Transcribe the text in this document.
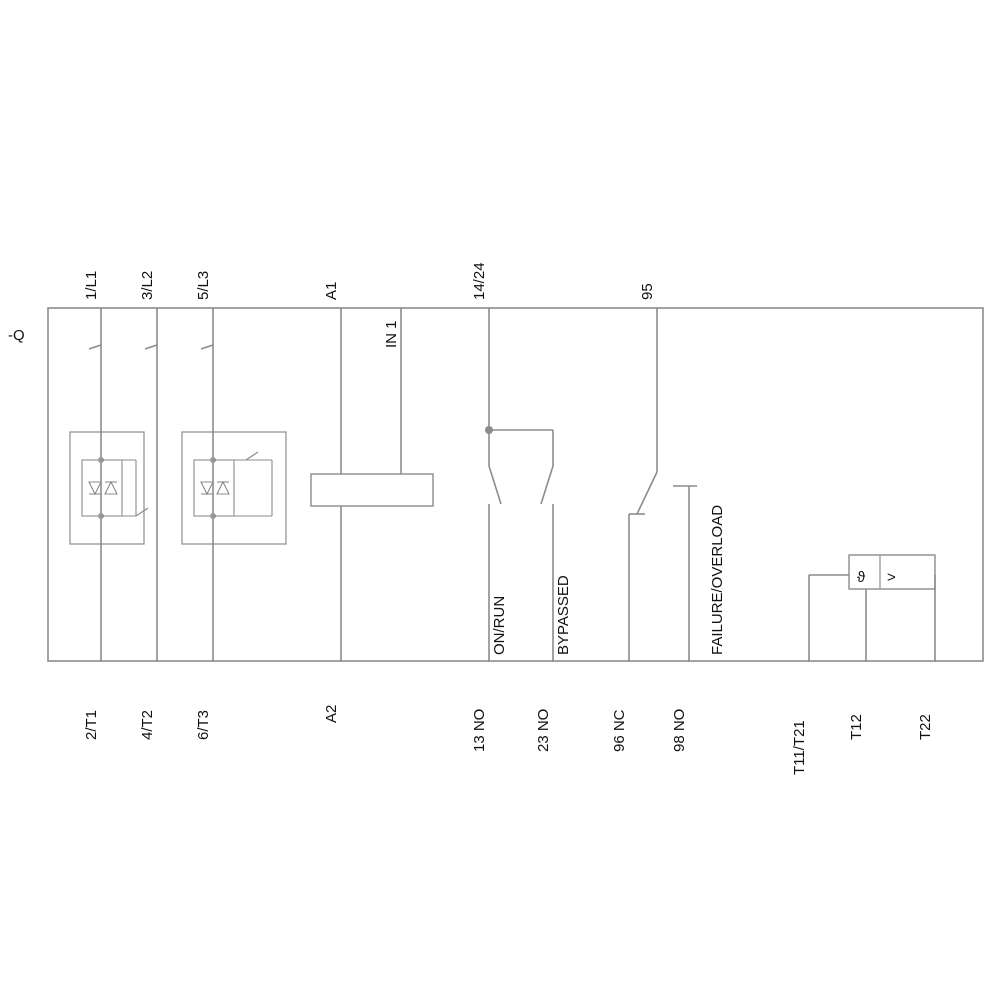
-Q
1/L1	3/L2	5/L3	A1
IN 1
14/24	95
2/T1	4/T2	6/T3	A2	13 NO	23 NO	96 NC	98 NO	T11/T21	T12	T22
ON/RUN	BYPASSED	FAILURE/OVERLOAD	ϑ >
